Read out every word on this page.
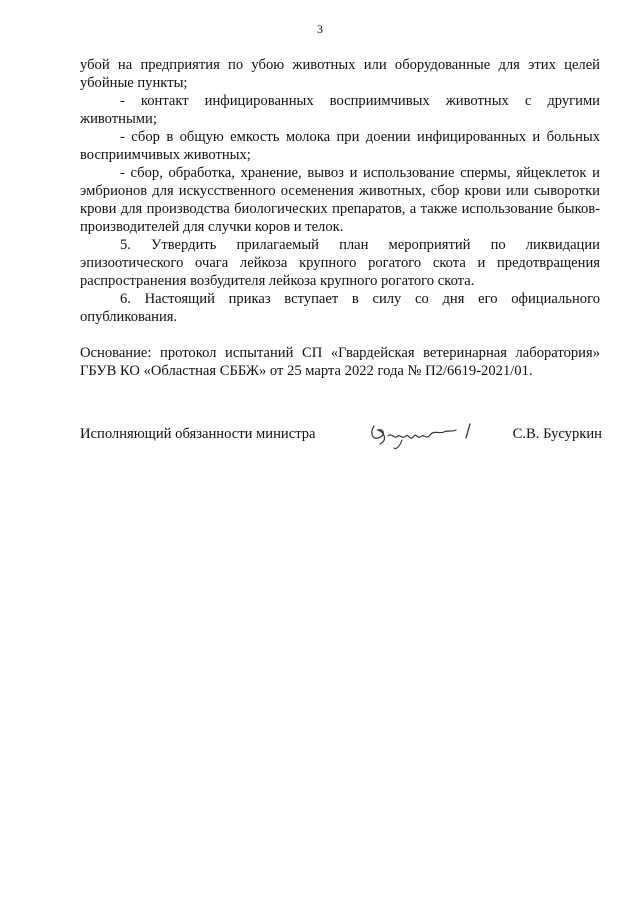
3

убой на предприятия по убою животных или оборудованные для этих целей убойные пункты;

- контакт инфицированных восприимчивых животных с другими животными;

- сбор в общую емкость молока при доении инфицированных и больных восприимчивых животных;

- сбор, обработка, хранение, вывоз и использование спермы, яйцеклеток и эмбрионов для искусственного осеменения животных, сбор крови или сыворотки крови для производства биологических препаратов, а также использование быков-производителей для случки коров и телок.

5. Утвердить прилагаемый план мероприятий по ликвидации эпизоотического очага лейкоза крупного рогатого скота и предотвращения распространения возбудителя лейкоза крупного рогатого скота.

6. Настоящий приказ вступает в силу со дня его официального опубликования.

Основание: протокол испытаний СП «Гвардейская ветеринарная лаборатория» ГБУВ КО «Областная СББЖ» от 25 марта 2022 года № П2/6619-2021/01.

Исполняющий обязанности министра	С.В. Бусуркин
